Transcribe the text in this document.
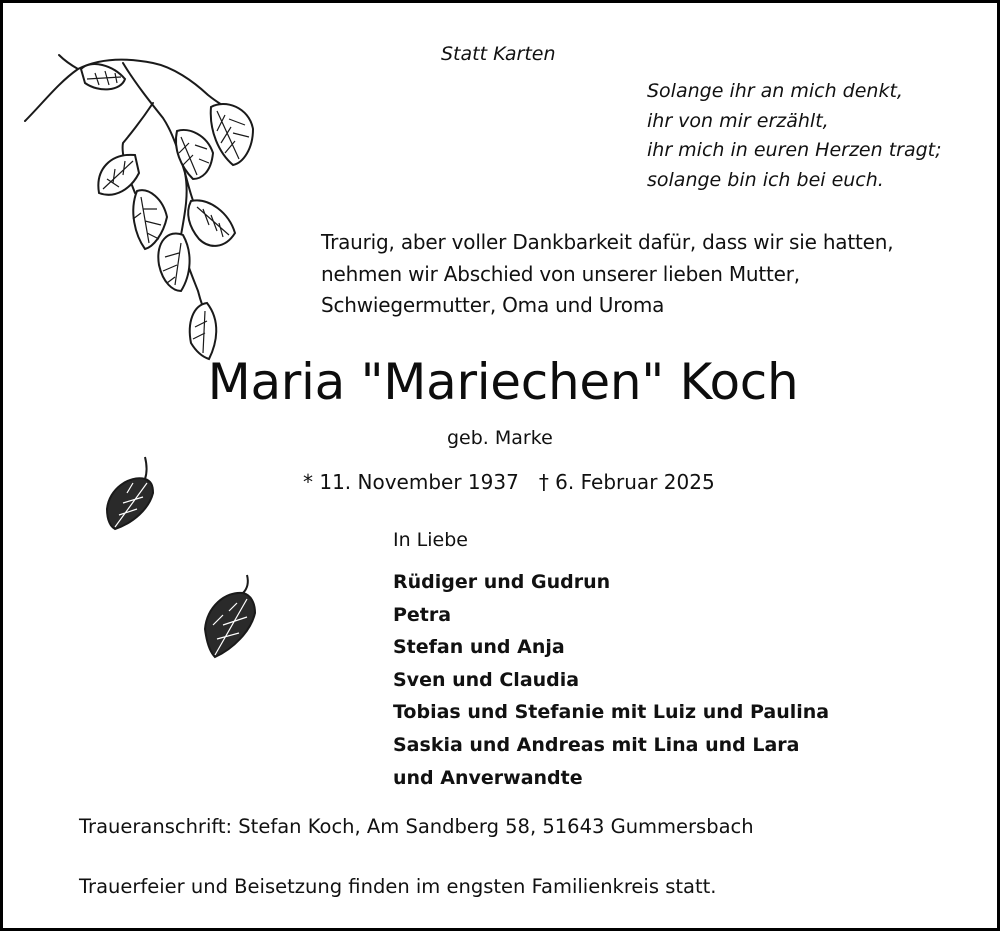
Statt Karten
Solange ihr an mich denkt,
ihr von mir erzählt,
ihr mich in euren Herzen tragt;
solange bin ich bei euch.
Traurig, aber voller Dankbarkeit dafür, dass wir sie hatten,
nehmen wir Abschied von unserer lieben Mutter,
Schwiegermutter, Oma und Uroma
Maria "Mariechen" Koch
geb. Marke
* 11. November 1937 † 6. Februar 2025
In Liebe
Rüdiger und Gudrun
Petra
Stefan und Anja
Sven und Claudia
Tobias und Stefanie mit Luiz und Paulina
Saskia und Andreas mit Lina und Lara
und Anverwandte
Traueranschrift: Stefan Koch, Am Sandberg 58, 51643 Gummersbach
Trauerfeier und Beisetzung finden im engsten Familienkreis statt.
